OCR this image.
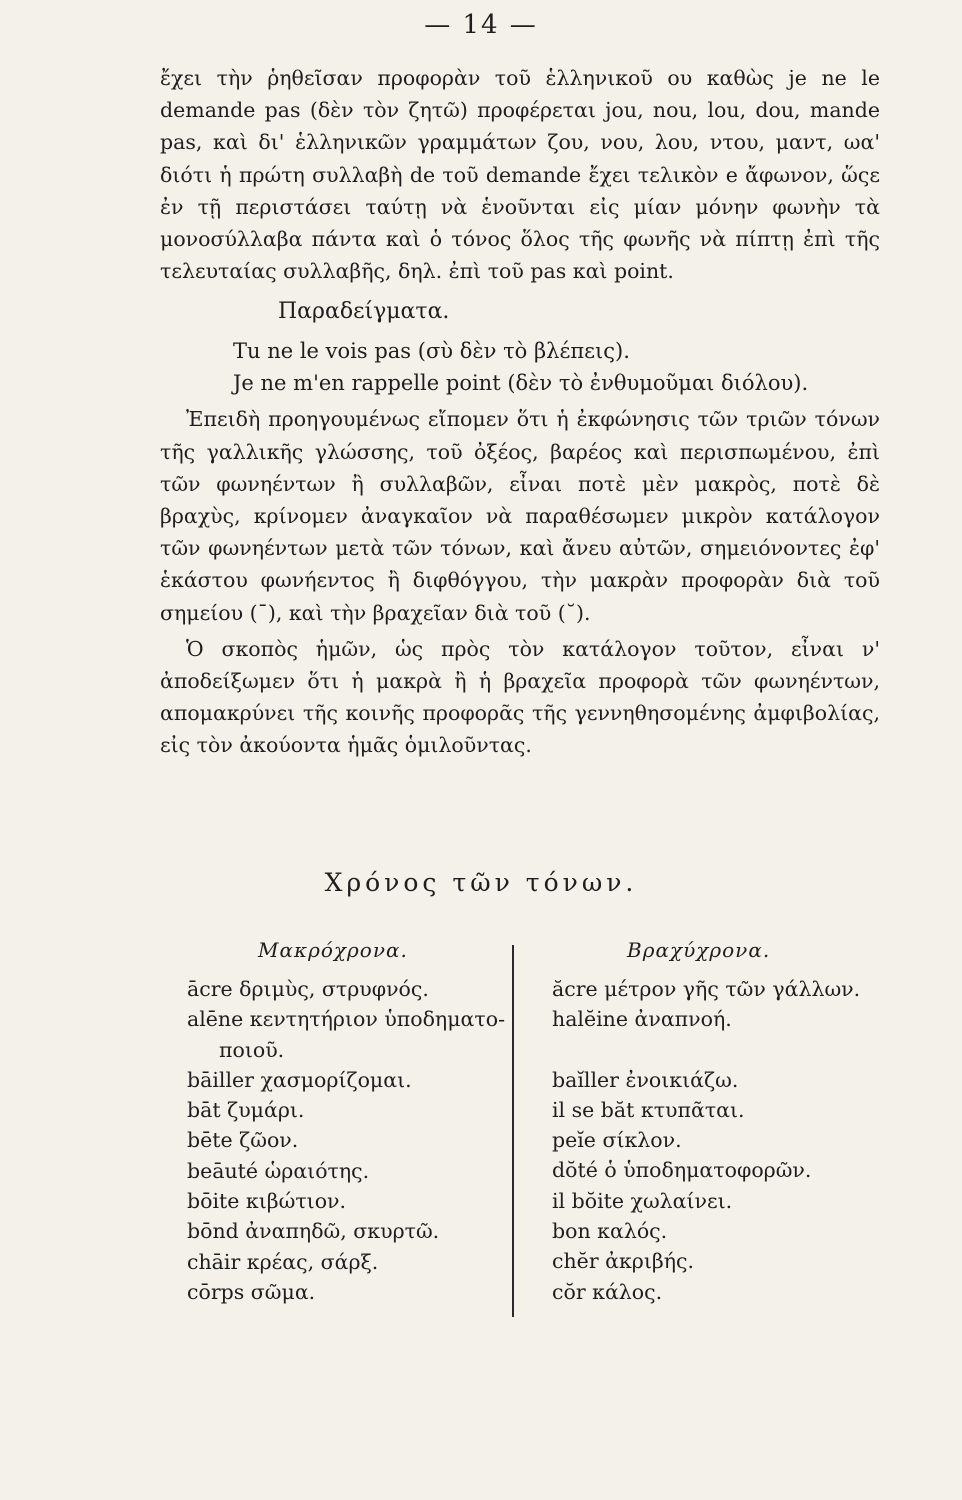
— 14 —

ἔχει τὴν ῥηθεῖσαν προφορὰν τοῦ ἑλληνικοῦ ου καθὼς je ne le demande pas (δὲν τὸν ζητῶ) προφέρεται jou, nou, lou, dou, mande pas, καὶ δι' ἑλληνικῶν γραμμάτων ζου, νου, λου, ντου, μαντ, ωα' διότι ἡ πρώτη συλλαβὴ de τοῦ demande ἔχει τελικὸν e ἄφωνον, ὥςε ἐν τῇ περιστάσει ταύτῃ νὰ ἑνοῦνται εἰς μίαν μόνην φωνὴν τὰ μονοσύλλαβα πάντα καὶ ὁ τόνος ὅλος τῆς φωνῆς νὰ πίπτῃ ἐπὶ τῆς τελευταίας συλλαβῆς, δηλ. ἐπὶ τοῦ pas καὶ point.

Παραδείγματα.

Tu ne le vois pas (σὺ δὲν τὸ βλέπεις).

Je ne m'en rappelle point (δὲν τὸ ἐνθυμοῦμαι διόλου).

Ἐπειδὴ προηγουμένως εἴπομεν ὅτι ἡ ἐκφώνησις τῶν τριῶν τόνων τῆς γαλλικῆς γλώσσης, τοῦ ὀξέος, βαρέος καὶ περισπωμένου, ἐπὶ τῶν φωνηέντων ἢ συλλαβῶν, εἶναι ποτὲ μὲν μακρὸς, ποτὲ δὲ βραχὺς, κρίνομεν ἀναγκαῖον νὰ παραθέσωμεν μικρὸν κατάλογον τῶν φωνηέντων μετὰ τῶν τόνων, καὶ ἄνευ αὐτῶν, σημειόνοντες ἐφ' ἑκάστου φωνήεντος ἢ διφθόγγου, τὴν μακρὰν προφορὰν διὰ τοῦ σημείου (¯), καὶ τὴν βραχεῖαν διὰ τοῦ (˘).

Ὁ σκοπὸς ἡμῶν, ὡς πρὸς τὸν κατάλογον τοῦτον, εἶναι ν' ἀποδείξωμεν ὅτι ἡ μακρὰ ἢ ἡ βραχεῖα προφορὰ τῶν φωνηέντων, απομακρύνει τῆς κοινῆς προφορᾶς τῆς γεννηθησομένης ἀμφιβολίας, εἰς τὸν ἀκούοντα ἡμᾶς ὁμιλοῦντας.

Χρόνος τῶν τόνων.
Μακρόχρονα.	Βραχύχρονα.
ācre δριμὺς, στρυφνός.
alēne κεντητήριον ὑποδηματο-
ποιοῦ.
bāiller χασμορίζομαι.
bāt ζυμάρι.
bēte ζῶον.
beāuté ὡραιότης.
bōite κιβώτιον.
bōnd ἀναπηδῶ, σκυρτῶ.
chāir κρέας, σάρξ.
cōrps σῶμα.
ăcre μέτρον γῆς τῶν γάλλων.
halĕine ἀναπνοή.
baĭller ἐνοικιάζω.
il se băt κτυπᾶται.
peĭe σίκλον.
dŏté ὁ ὑποδηματοφορῶν.
il bŏite χωλαίνει.
bon καλός.
chĕr ἀκριβής.
cŏr κάλος.
